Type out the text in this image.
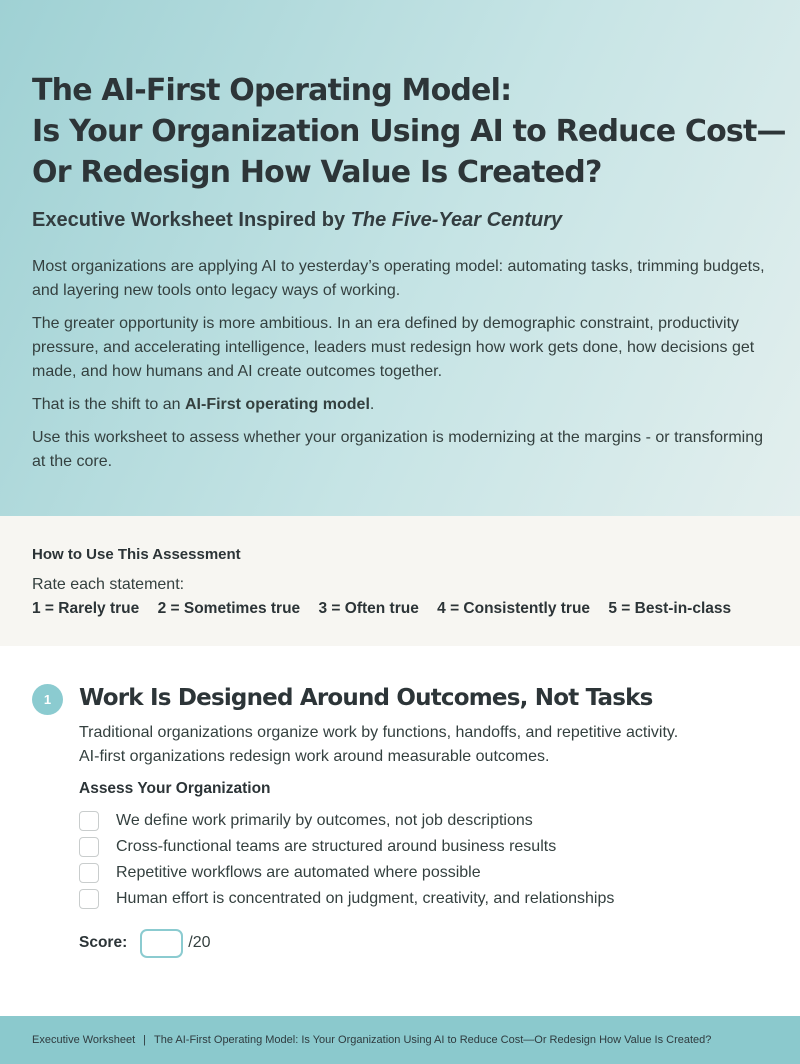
The AI-First Operating Model:
Is Your Organization Using AI to Reduce Cost—
Or Redesign How Value Is Created?
Executive Worksheet Inspired by The Five-Year Century

Most organizations are applying AI to yesterday’s operating model: automating tasks, trimming budgets, and layering new tools onto legacy ways of working.

The greater opportunity is more ambitious. In an era defined by demographic constraint, productivity pressure, and accelerating intelligence, leaders must redesign how work gets done, how decisions get made, and how humans and AI create outcomes together.

That is the shift to an AI-First operating model.

Use this worksheet to assess whether your organization is modernizing at the margins - or transforming at the core.

How to Use This Assessment
Rate each statement:
1 = Rarely true 2 = Sometimes true 3 = Often true 4 = Consistently true 5 = Best-in-class
1	Work Is Designed Around Outcomes, Not Tasks

Traditional organizations organize work by functions, handoffs, and repetitive activity.
AI-first organizations redesign work around measurable outcomes.

Assess Your Organization
We define work primarily by outcomes, not job descriptions
Cross-functional teams are structured around business results
Repetitive workflows are automated where possible
Human effort is concentrated on judgment, creativity, and relationships
Score:	/20
Executive Worksheet | The AI-First Operating Model: Is Your Organization Using AI to Reduce Cost—Or Redesign How Value Is Created?
